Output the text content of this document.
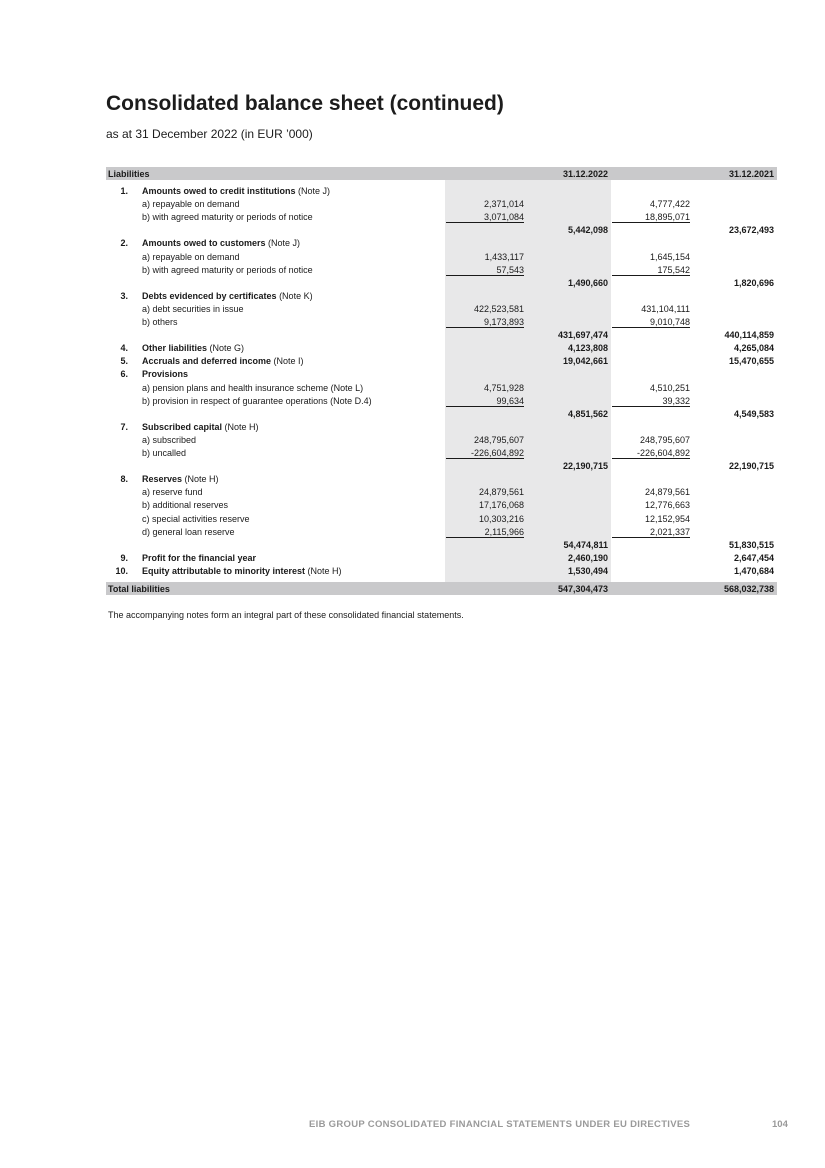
Consolidated balance sheet (continued)
as at 31 December 2022 (in EUR ’000)
Liabilities	31.12.2022	31.12.2021
1. Amounts owed to credit institutions (Note J)
a) repayable on demand	2,371,014	4,777,422
b) with agreed maturity or periods of notice	3,071,084	18,895,071
5,442,098	23,672,493
2. Amounts owed to customers (Note J)
a) repayable on demand	1,433,117	1,645,154
b) with agreed maturity or periods of notice	57,543	175,542
1,490,660	1,820,696
3. Debts evidenced by certificates (Note K)
a) debt securities in issue	422,523,581	431,104,111
b) others	9,173,893	9,010,748
431,697,474	440,114,859
4. Other liabilities (Note G)	4,123,808	4,265,084
5. Accruals and deferred income (Note I)	19,042,661	15,470,655
6. Provisions
a) pension plans and health insurance scheme (Note L)	4,751,928	4,510,251
b) provision in respect of guarantee operations (Note D.4)	99,634	39,332
4,851,562	4,549,583
7. Subscribed capital (Note H)
a) subscribed	248,795,607	248,795,607
b) uncalled	-226,604,892	-226,604,892
22,190,715	22,190,715
8. Reserves (Note H)
a) reserve fund	24,879,561	24,879,561
b) additional reserves	17,176,068	12,776,663
c) special activities reserve	10,303,216	12,152,954
d) general loan reserve	2,115,966	2,021,337
54,474,811	51,830,515
9. Profit for the financial year	2,460,190	2,647,454
10. Equity attributable to minority interest (Note H)	1,530,494	1,470,684
Total liabilities	547,304,473	568,032,738
The accompanying notes form an integral part of these consolidated financial statements.
EIB GROUP CONSOLIDATED FINANCIAL STATEMENTS UNDER EU DIRECTIVES	104
